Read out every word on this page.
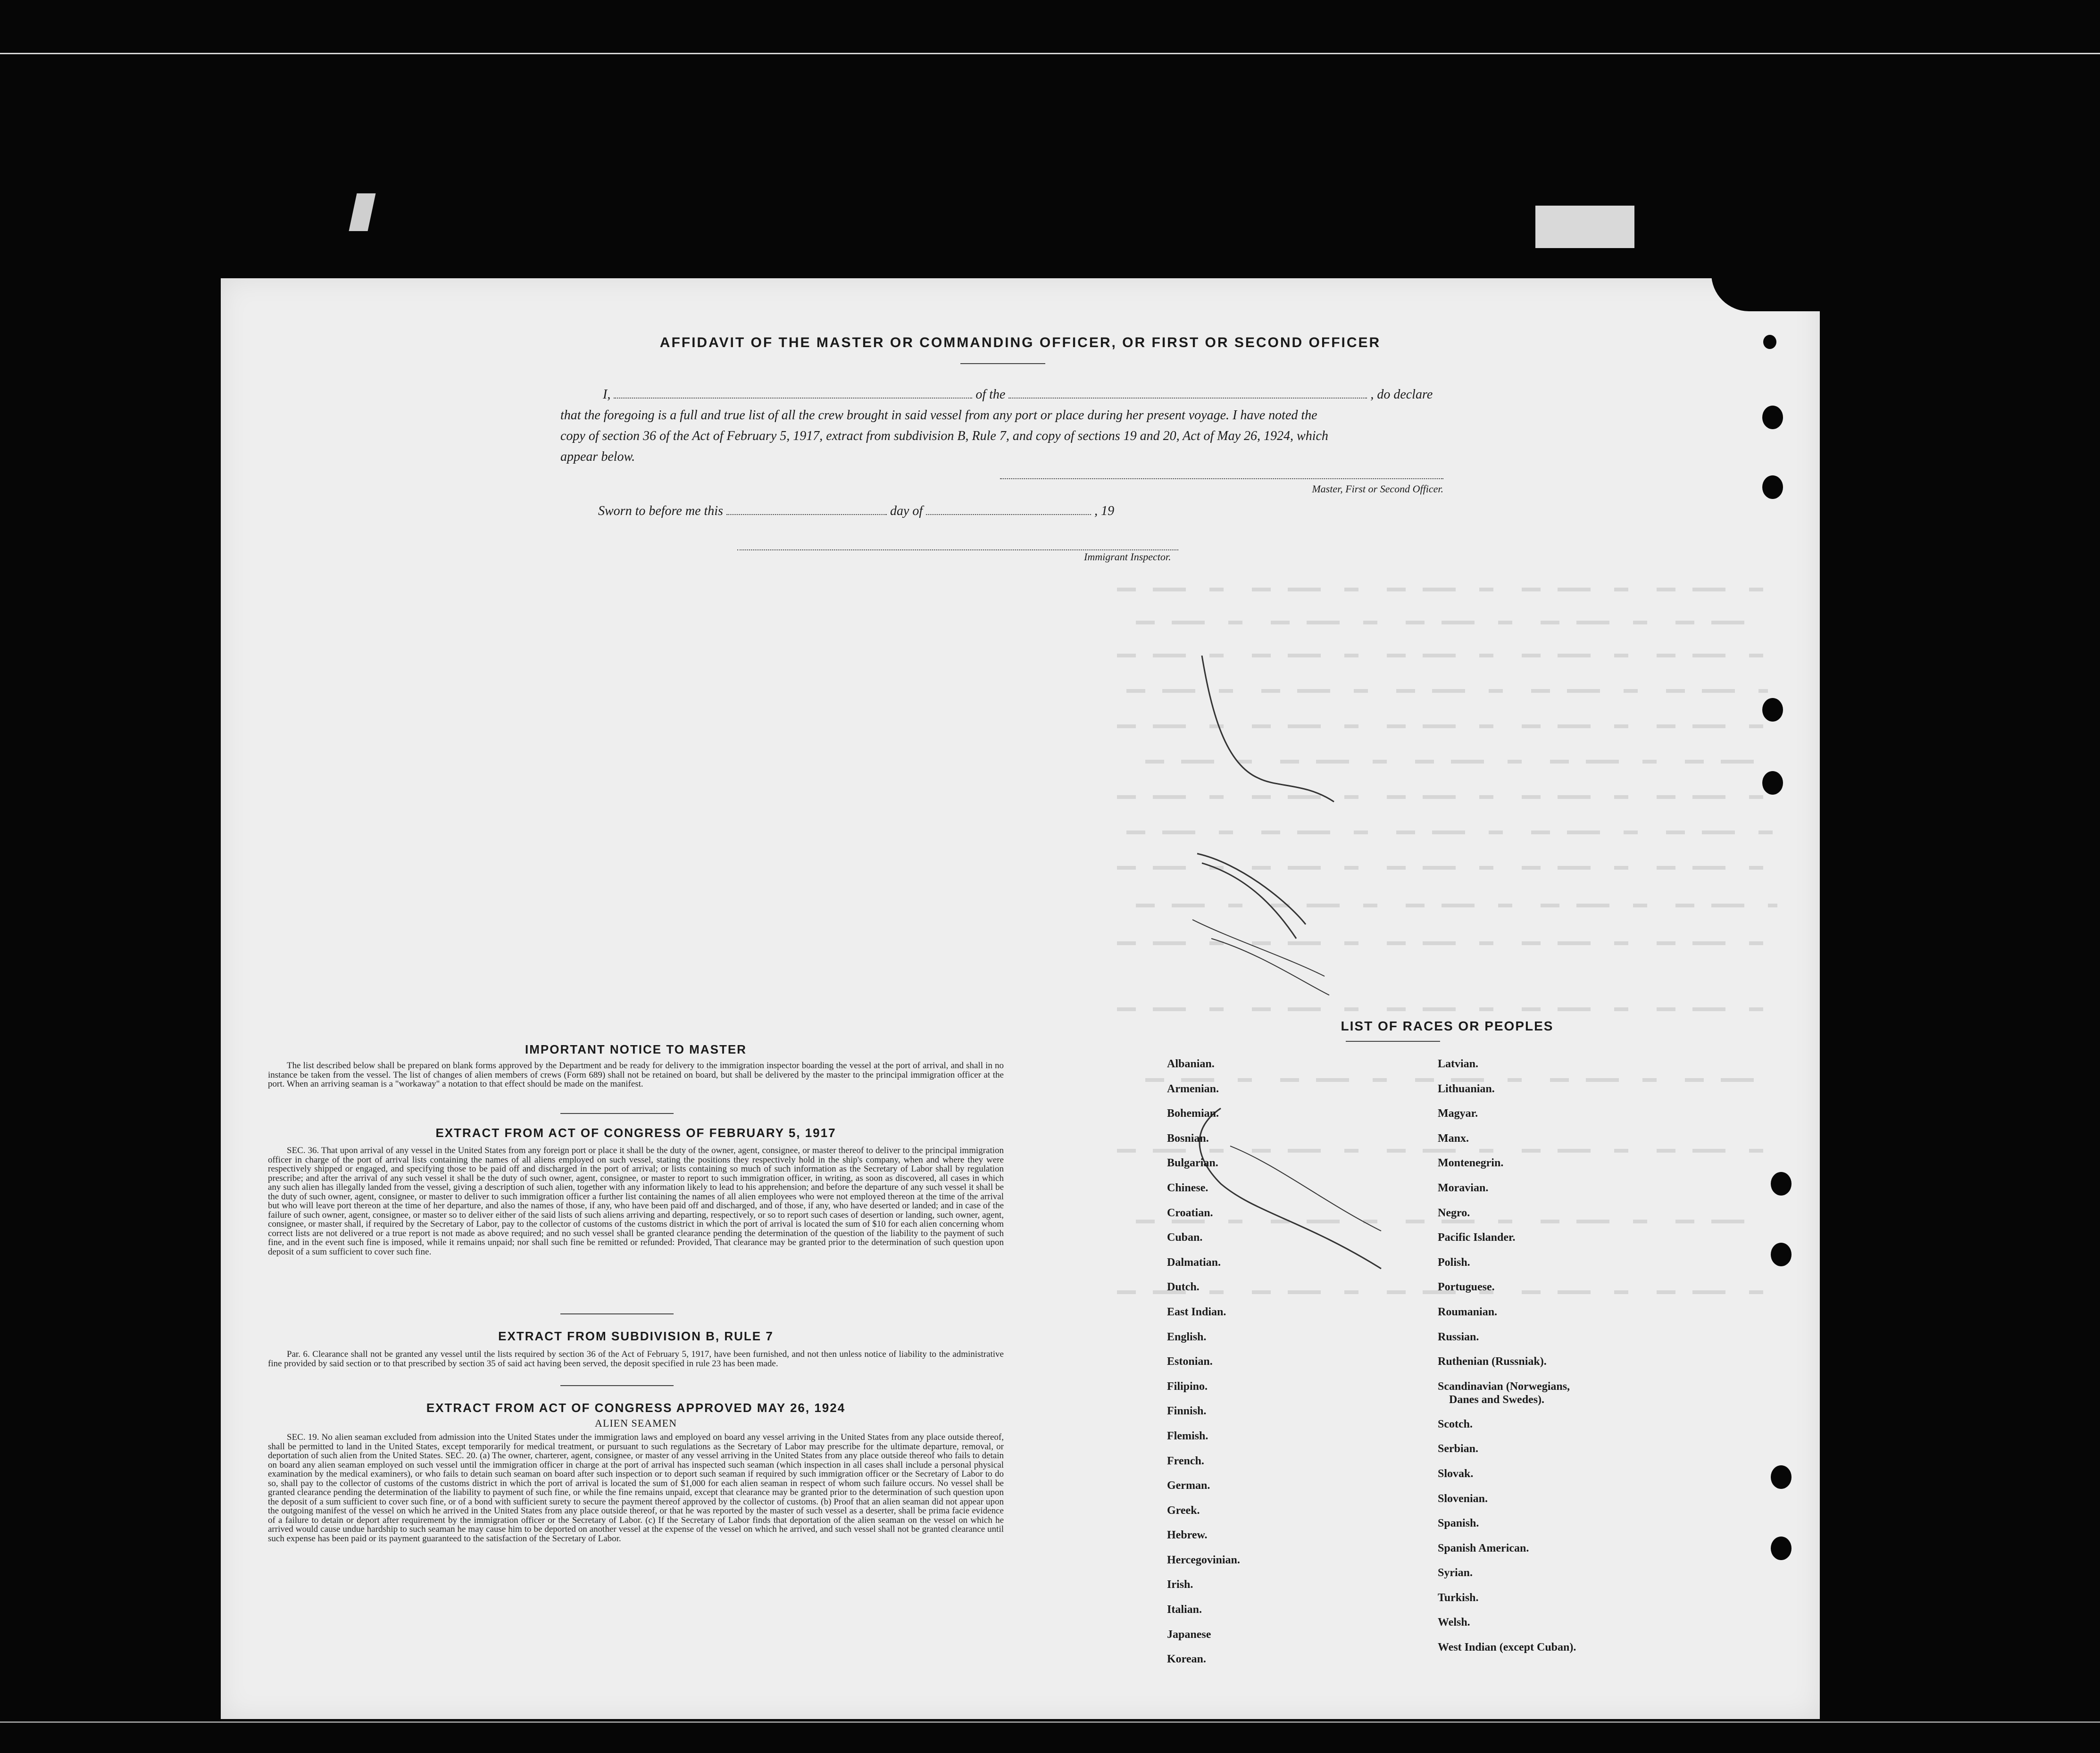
AFFIDAVIT OF THE MASTER OR COMMANDING OFFICER, OR FIRST OR SECOND OFFICER
I,	of the	, do declare
that the foregoing is a full and true list of all the crew brought in said vessel from any port or place during her present voyage. I have noted the
copy of section 36 of the Act of February 5, 1917, extract from subdivision B, Rule 7, and copy of sections 19 and 20, Act of May 26, 1924, which
appear below.
Master, First or Second Officer.
Sworn to before me this	day of	, 19
Immigrant Inspector.
IMPORTANT NOTICE TO MASTER
The list described below shall be prepared on blank forms approved by the Department and be ready for delivery to the immigration inspector boarding the vessel at the port of arrival, and shall in no instance be taken from the vessel. The list of changes of alien members of crews (Form 689) shall not be retained on board, but shall be delivered by the master to the principal immigration officer at the port. When an arriving seaman is a "workaway" a notation to that effect should be made on the manifest.
EXTRACT FROM ACT OF CONGRESS OF FEBRUARY 5, 1917
SEC. 36. That upon arrival of any vessel in the United States from any foreign port or place it shall be the duty of the owner, agent, consignee, or master thereof to deliver to the principal immigration officer in charge of the port of arrival lists containing the names of all aliens employed on such vessel, stating the positions they respectively hold in the ship's company, when and where they were respectively shipped or engaged, and specifying those to be paid off and discharged in the port of arrival; or lists containing so much of such information as the Secretary of Labor shall by regulation prescribe; and after the arrival of any such vessel it shall be the duty of such owner, agent, consignee, or master to report to such immigration officer, in writing, as soon as discovered, all cases in which any such alien has illegally landed from the vessel, giving a description of such alien, together with any information likely to lead to his apprehension; and before the departure of any such vessel it shall be the duty of such owner, agent, consignee, or master to deliver to such immigration officer a further list containing the names of all alien employees who were not employed thereon at the time of the arrival but who will leave port thereon at the time of her departure, and also the names of those, if any, who have been paid off and discharged, and of those, if any, who have deserted or landed; and in case of the failure of such owner, agent, consignee, or master so to deliver either of the said lists of such aliens arriving and departing, respectively, or so to report such cases of desertion or landing, such owner, agent, consignee, or master shall, if required by the Secretary of Labor, pay to the collector of customs of the customs district in which the port of arrival is located the sum of $10 for each alien concerning whom correct lists are not delivered or a true report is not made as above required; and no such vessel shall be granted clearance pending the determination of the question of the liability to the payment of such fine, and in the event such fine is imposed, while it remains unpaid; nor shall such fine be remitted or refunded: Provided, That clearance may be granted prior to the determination of such question upon deposit of a sum sufficient to cover such fine.
EXTRACT FROM SUBDIVISION B, RULE 7
Par. 6. Clearance shall not be granted any vessel until the lists required by section 36 of the Act of February 5, 1917, have been furnished, and not then unless notice of liability to the administrative fine provided by said section or to that prescribed by section 35 of said act having been served, the deposit specified in rule 23 has been made.
EXTRACT FROM ACT OF CONGRESS APPROVED MAY 26, 1924
ALIEN SEAMEN
SEC. 19. No alien seaman excluded from admission into the United States under the immigration laws and employed on board any vessel arriving in the United States from any place outside thereof, shall be permitted to land in the United States, except temporarily for medical treatment, or pursuant to such regulations as the Secretary of Labor may prescribe for the ultimate departure, removal, or deportation of such alien from the United States. SEC. 20. (a) The owner, charterer, agent, consignee, or master of any vessel arriving in the United States from any place outside thereof who fails to detain on board any alien seaman employed on such vessel until the immigration officer in charge at the port of arrival has inspected such seaman (which inspection in all cases shall include a personal physical examination by the medical examiners), or who fails to detain such seaman on board after such inspection or to deport such seaman if required by such immigration officer or the Secretary of Labor to do so, shall pay to the collector of customs of the customs district in which the port of arrival is located the sum of $1,000 for each alien seaman in respect of whom such failure occurs. No vessel shall be granted clearance pending the determination of the liability to payment of such fine, or while the fine remains unpaid, except that clearance may be granted prior to the determination of such question upon the deposit of a sum sufficient to cover such fine, or of a bond with sufficient surety to secure the payment thereof approved by the collector of customs. (b) Proof that an alien seaman did not appear upon the outgoing manifest of the vessel on which he arrived in the United States from any place outside thereof, or that he was reported by the master of such vessel as a deserter, shall be prima facie evidence of a failure to detain or deport after requirement by the immigration officer or the Secretary of Labor. (c) If the Secretary of Labor finds that deportation of the alien seaman on the vessel on which he arrived would cause undue hardship to such seaman he may cause him to be deported on another vessel at the expense of the vessel on which he arrived, and such vessel shall not be granted clearance until such expense has been paid or its payment guaranteed to the satisfaction of the Secretary of Labor.
LIST OF RACES OR PEOPLES
Albanian.
Armenian.
Bohemian.
Bosnian.
Bulgarian.
Chinese.
Croatian.
Cuban.
Dalmatian.
Dutch.
East Indian.
English.
Estonian.
Filipino.
Finnish.
Flemish.
French.
German.
Greek.
Hebrew.
Hercegovinian.
Irish.
Italian.
Japanese
Korean.
Latvian.
Lithuanian.
Magyar.
Manx.
Montenegrin.
Moravian.
Negro.
Pacific Islander.
Polish.
Portuguese.
Roumanian.
Russian.
Ruthenian (Russniak).
Scandinavian (Norwegians,
Danes and Swedes).
Scotch.
Serbian.
Slovak.
Slovenian.
Spanish.
Spanish American.
Syrian.
Turkish.
Welsh.
West Indian (except Cuban).
